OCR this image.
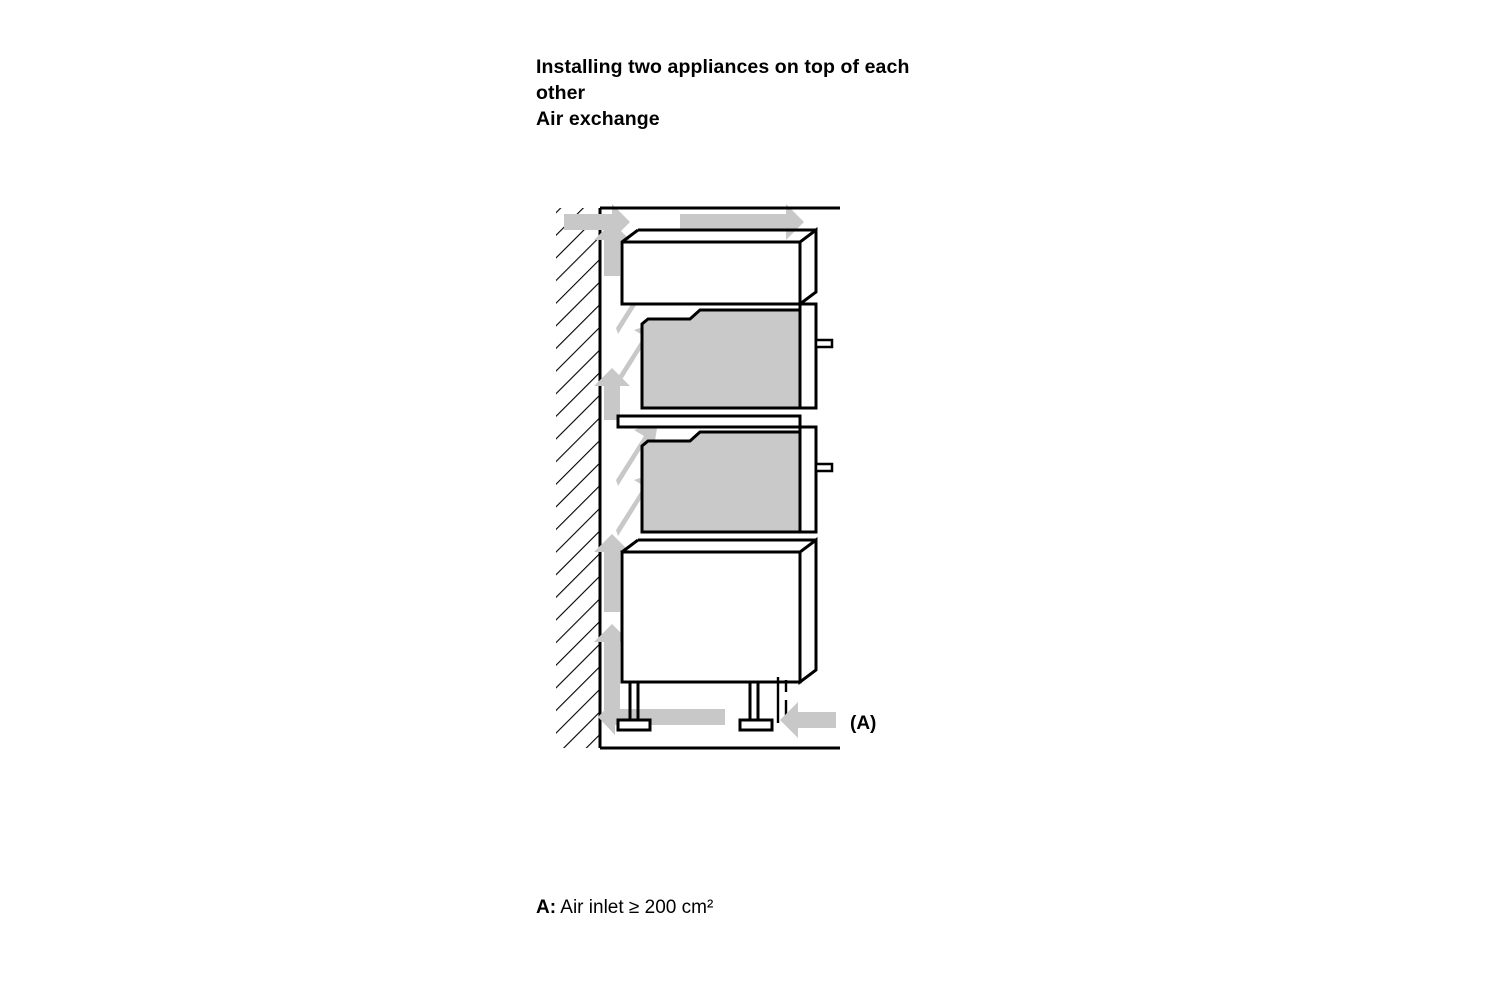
Installing two appliances on top of each
other
Air exchange
(A)
A: Air inlet ≥ 200 cm²
